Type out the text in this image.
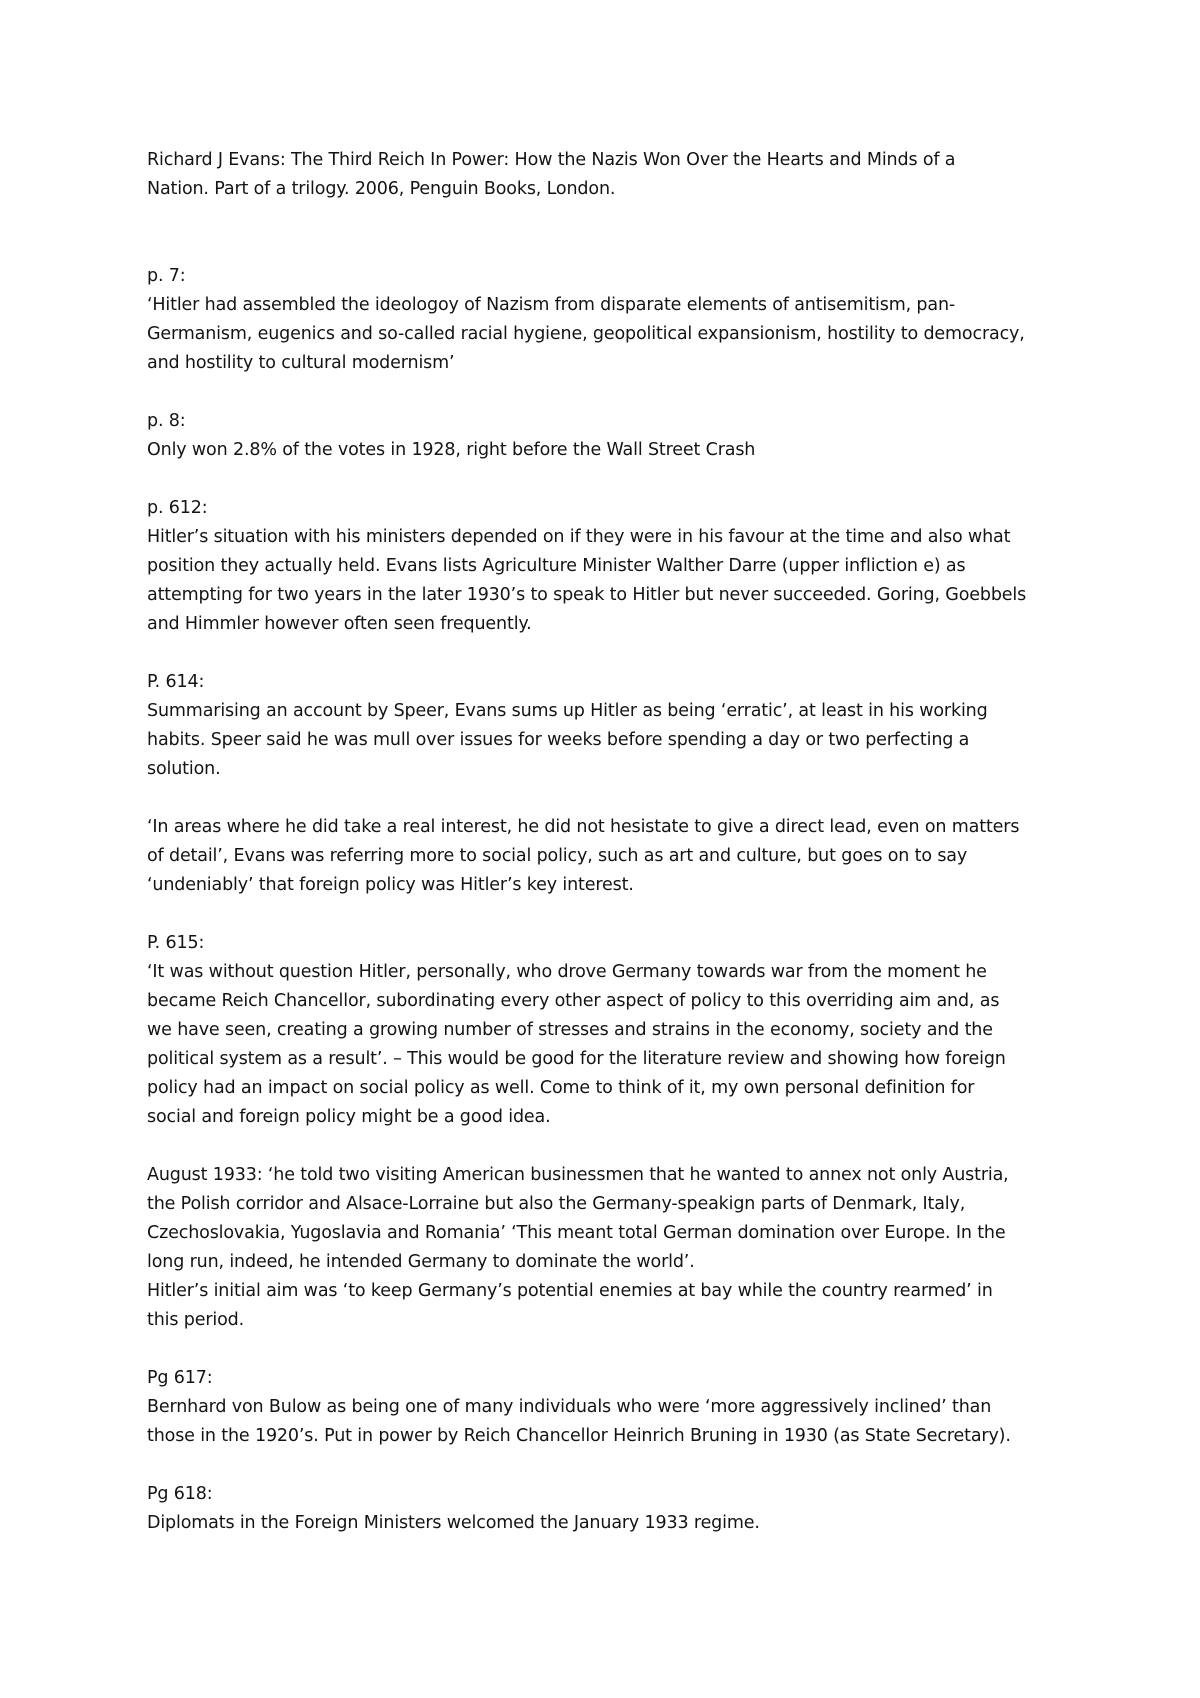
Richard J Evans: The Third Reich In Power: How the Nazis Won Over the Hearts and Minds of a
Nation. Part of a trilogy. 2006, Penguin Books, London.
p. 7:
‘Hitler had assembled the ideologoy of Nazism from disparate elements of antisemitism, pan-
Germanism, eugenics and so-called racial hygiene, geopolitical expansionism, hostility to democracy,
and hostility to cultural modernism’
p. 8:
Only won 2.8% of the votes in 1928, right before the Wall Street Crash
p. 612:
Hitler’s situation with his ministers depended on if they were in his favour at the time and also what
position they actually held. Evans lists Agriculture Minister Walther Darre (upper infliction e) as
attempting for two years in the later 1930’s to speak to Hitler but never succeeded. Goring, Goebbels
and Himmler however often seen frequently.
P. 614:
Summarising an account by Speer, Evans sums up Hitler as being ‘erratic’, at least in his working
habits. Speer said he was mull over issues for weeks before spending a day or two perfecting a
solution.
‘In areas where he did take a real interest, he did not hesistate to give a direct lead, even on matters
of detail’, Evans was referring more to social policy, such as art and culture, but goes on to say
‘undeniably’ that foreign policy was Hitler’s key interest.
P. 615:
‘It was without question Hitler, personally, who drove Germany towards war from the moment he
became Reich Chancellor, subordinating every other aspect of policy to this overriding aim and, as
we have seen, creating a growing number of stresses and strains in the economy, society and the
political system as a result’. – This would be good for the literature review and showing how foreign
policy had an impact on social policy as well. Come to think of it, my own personal definition for
social and foreign policy might be a good idea.
August 1933: ‘he told two visiting American businessmen that he wanted to annex not only Austria,
the Polish corridor and Alsace-Lorraine but also the Germany-speakign parts of Denmark, Italy,
Czechoslovakia, Yugoslavia and Romania’ ‘This meant total German domination over Europe. In the
long run, indeed, he intended Germany to dominate the world’.
Hitler’s initial aim was ‘to keep Germany’s potential enemies at bay while the country rearmed’ in
this period.
Pg 617:
Bernhard von Bulow as being one of many individuals who were ‘more aggressively inclined’ than
those in the 1920’s. Put in power by Reich Chancellor Heinrich Bruning in 1930 (as State Secretary).
Pg 618:
Diplomats in the Foreign Ministers welcomed the January 1933 regime.
